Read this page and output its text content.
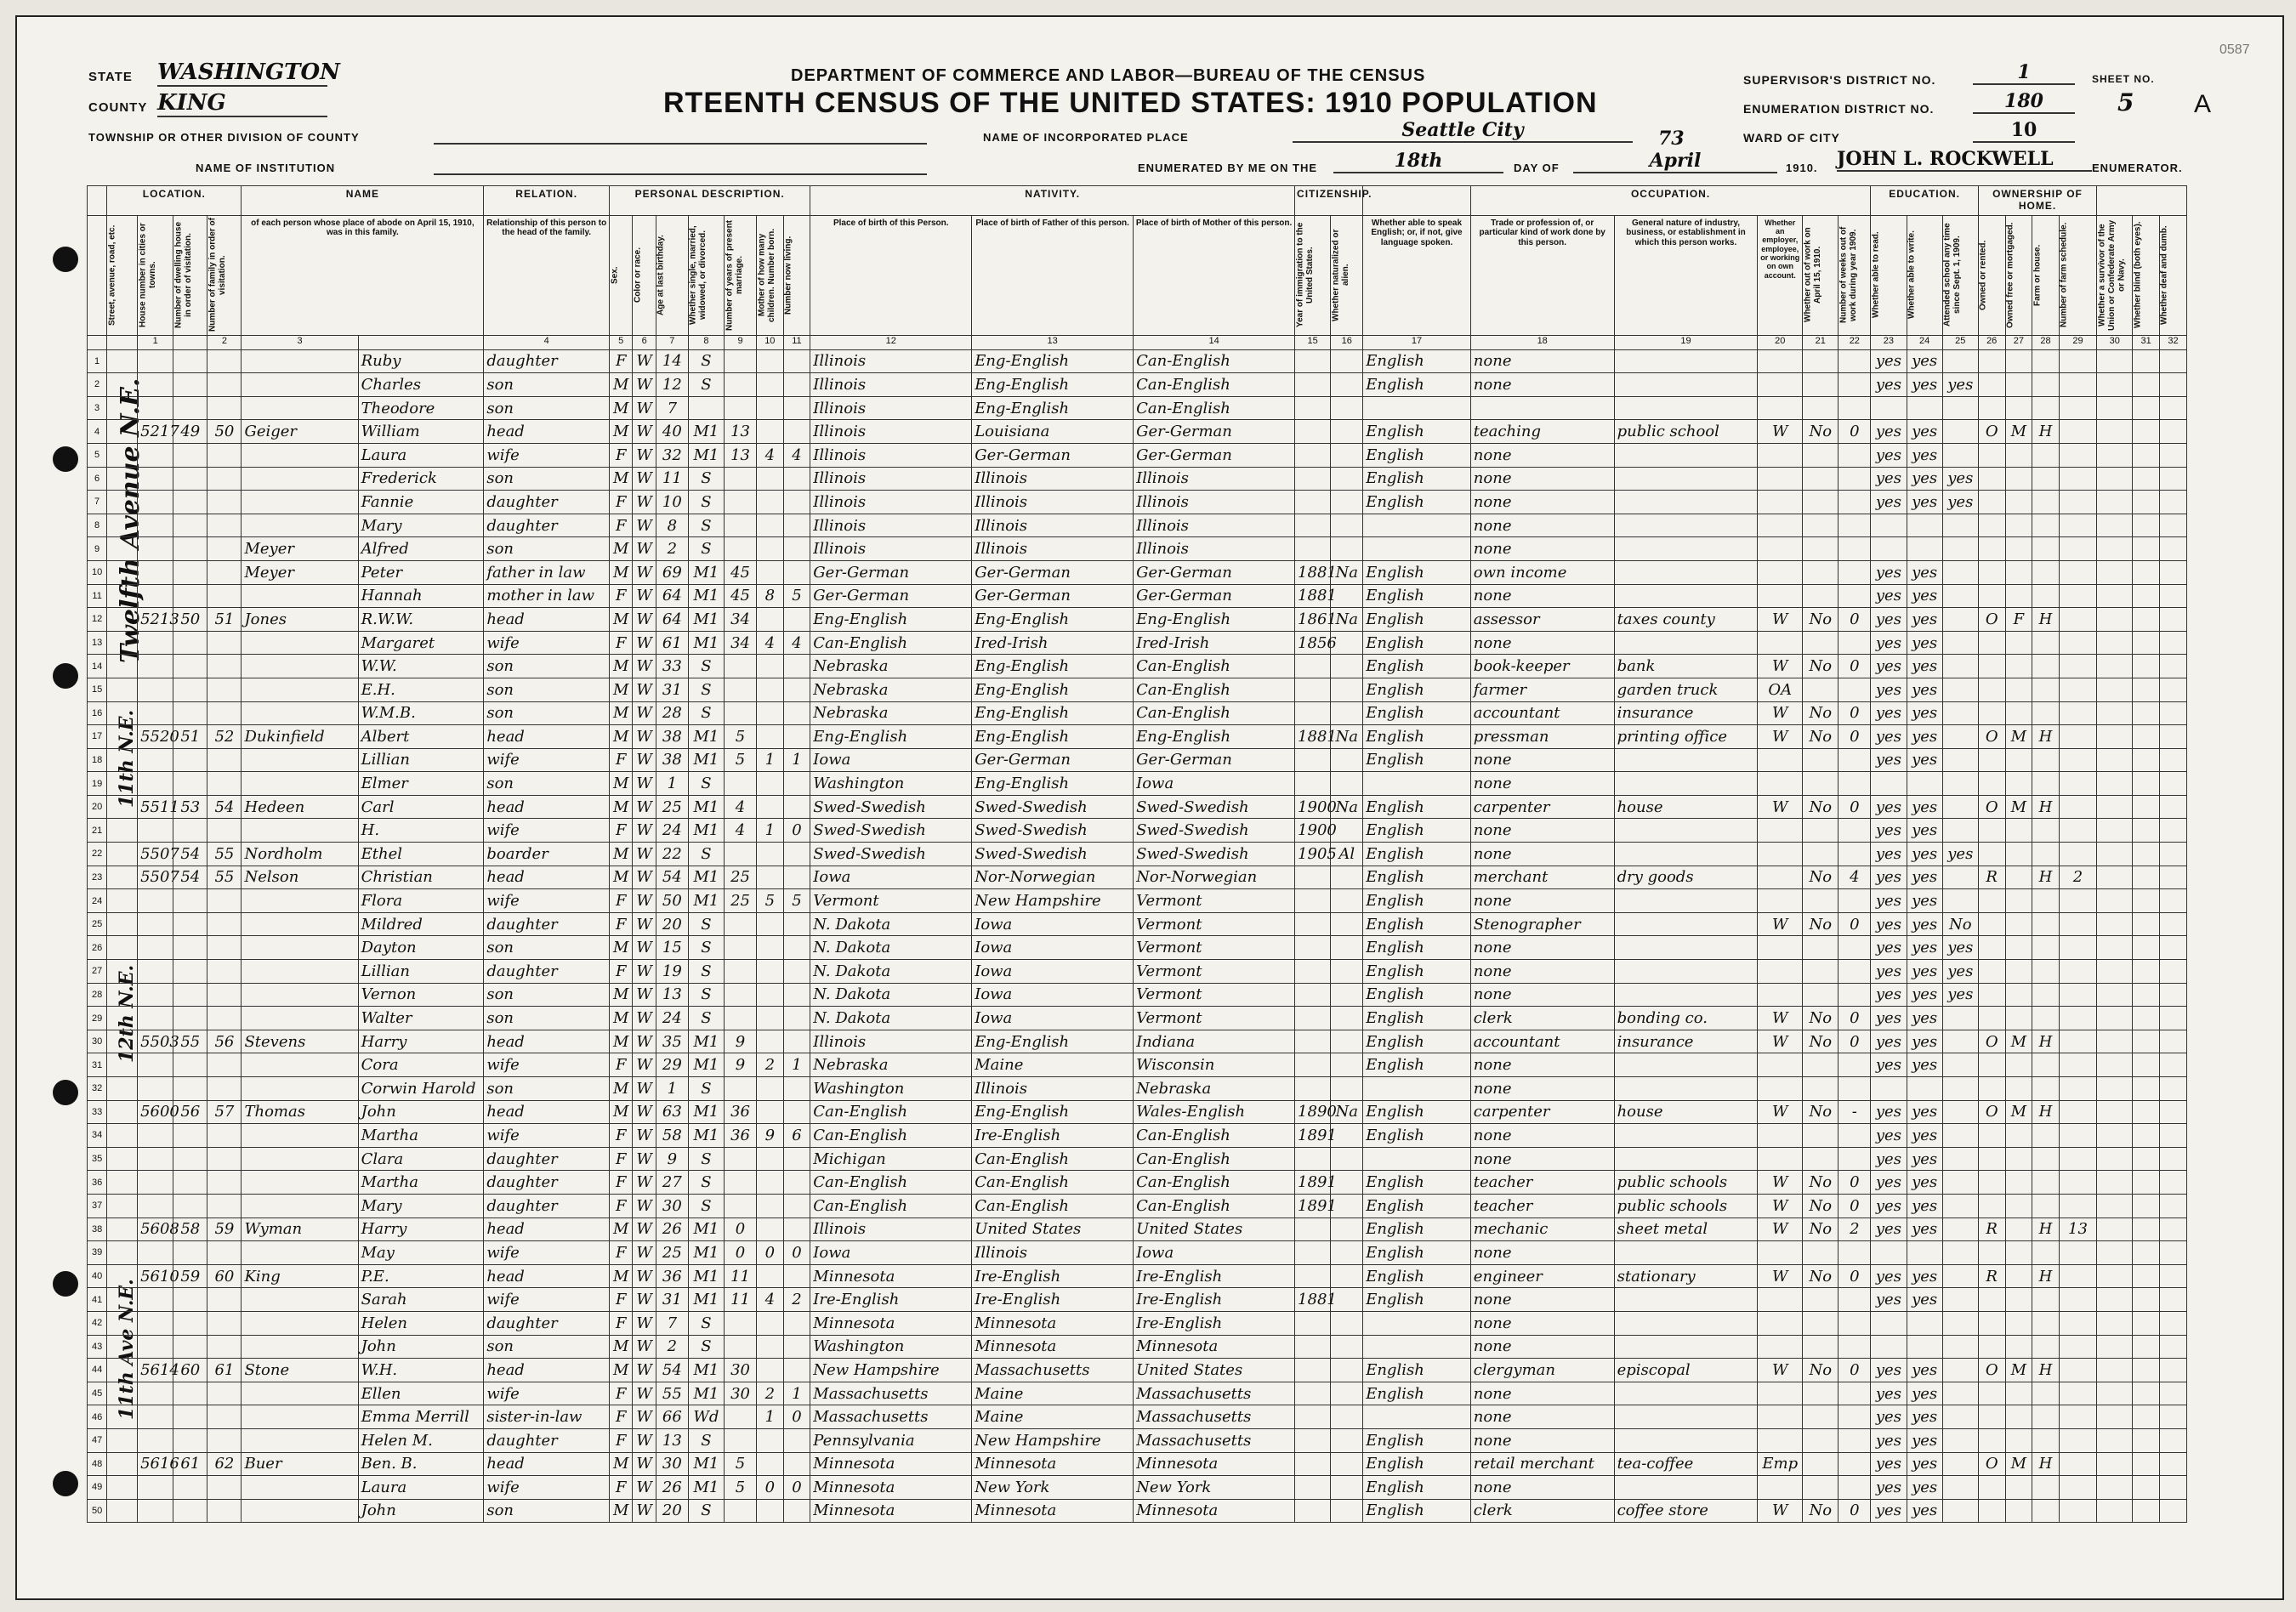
STATE WASHINGTON
COUNTY KING
TOWNSHIP OR OTHER DIVISION OF COUNTY
NAME OF INSTITUTION
DEPARTMENT OF COMMERCE AND LABOR—BUREAU OF THE CENSUS
RTEENTH CENSUS OF THE UNITED STATES: 1910 POPULATION
NAME OF INCORPORATED PLACE	Seattle City	73
ENUMERATED BY ME ON THE	18th	DAY OF	April	1910. JOHN L. ROCKWELL	ENUMERATOR.
SUPERVISOR'S DISTRICT NO.	1
ENUMERATION DISTRICT NO.	180
SHEET NO.
5 A
WARD OF CITY	10
0587
Twelfth Avenue N.E.
11th N.E.
12th N.E.
11th Ave N.E.
	LOCATION.				NAME		RELATION.	PERSONAL DESCRIPTION.							NATIVITY.			CITIZENSHIP.			OCCUPATION.					EDUCATION.			OWNERSHIP OF HOME.						
	Street, avenue, road, etc.	House number in cities or towns.	Number of dwelling house in order of visitation.	Number of family in order of visitation.	of each person whose place of abode on April 15, 1910, was in this family.		Relationship of this person to the head of the family.	Sex.	Color or race.	Age at last birthday.	Whether single, married, widowed, or divorced.	Number of years of present marriage.	Mother of how many children. Number born.	Number now living.	Place of birth of this Person.	Place of birth of Father of this person.	Place of birth of Mother of this person.	Year of immigration to the United States.	Whether naturalized or alien.	Whether able to speak English; or, if not, give language spoken.	Trade or profession of, or particular kind of work done by this person.	General nature of industry, business, or establishment in which this person works.	Whether an employer, employee, or working on own account.	Whether out of work on April 15, 1910.	Number of weeks out of work during year 1909.	Whether able to read.	Whether able to write.	Attended school any time since Sept. 1, 1909.	Owned or rented.	Owned free or mortgaged.	Farm or house.	Number of farm schedule.	Whether a survivor of the Union or Confederate Army or Navy.	Whether blind (both eyes).	Whether deaf and dumb.
		1		2	3		4	5	6	7	8	9	10	11	12	13	14	15	16	17	18	19	20	21	22	23	24	25	26	27	28	29	30	31	32
1						Ruby	daughter	F	W	14	S				Illinois	Eng-English	Can-English			English	none					yes	yes								
2						Charles	son	M	W	12	S				Illinois	Eng-English	Can-English			English	none					yes	yes	yes							
3						Theodore	son	M	W	7					Illinois	Eng-English	Can-English																		
4		5217	49	50	Geiger	William	head	M	W	40	M1	13			Illinois	Louisiana	Ger-German			English	teaching	public school	W	No	0	yes	yes		O	M	H				
5						Laura	wife	F	W	32	M1	13	4	4	Illinois	Ger-German	Ger-German			English	none					yes	yes								
6						Frederick	son	M	W	11	S				Illinois	Illinois	Illinois			English	none					yes	yes	yes							
7						Fannie	daughter	F	W	10	S				Illinois	Illinois	Illinois			English	none					yes	yes	yes							
8						Mary	daughter	F	W	8	S				Illinois	Illinois	Illinois				none														
9					Meyer	Alfred	son	M	W	2	S				Illinois	Illinois	Illinois				none														
10					Meyer	Peter	father in law	M	W	69	M1	45			Ger-German	Ger-German	Ger-German	1881	Na	English	own income					yes	yes								
11						Hannah	mother in law	F	W	64	M1	45	8	5	Ger-German	Ger-German	Ger-German	1881		English	none					yes	yes								
12		5213	50	51	Jones	R.W.W.	head	M	W	64	M1	34			Eng-English	Eng-English	Eng-English	1861	Na	English	assessor	taxes county	W	No	0	yes	yes		O	F	H				
13						Margaret	wife	F	W	61	M1	34	4	4	Can-English	Ired-Irish	Ired-Irish	1856		English	none					yes	yes								
14						W.W.	son	M	W	33	S				Nebraska	Eng-English	Can-English			English	book-keeper	bank	W	No	0	yes	yes								
15						E.H.	son	M	W	31	S				Nebraska	Eng-English	Can-English			English	farmer	garden truck	OA			yes	yes								
16						W.M.B.	son	M	W	28	S				Nebraska	Eng-English	Can-English			English	accountant	insurance	W	No	0	yes	yes								
17		5520	51	52	Dukinfield	Albert	head	M	W	38	M1	5			Eng-English	Eng-English	Eng-English	1881	Na	English	pressman	printing office	W	No	0	yes	yes		O	M	H				
18						Lillian	wife	F	W	38	M1	5	1	1	Iowa	Ger-German	Ger-German			English	none					yes	yes								
19						Elmer	son	M	W	1	S				Washington	Eng-English	Iowa				none														
20		5511	53	54	Hedeen	Carl	head	M	W	25	M1	4			Swed-Swedish	Swed-Swedish	Swed-Swedish	1900	Na	English	carpenter	house	W	No	0	yes	yes		O	M	H				
21						H.	wife	F	W	24	M1	4	1	0	Swed-Swedish	Swed-Swedish	Swed-Swedish	1900		English	none					yes	yes								
22		5507	54	55	Nordholm	Ethel	boarder	M	W	22	S				Swed-Swedish	Swed-Swedish	Swed-Swedish	1905	Al	English	none					yes	yes	yes							
23		5507	54	55	Nelson	Christian	head	M	W	54	M1	25			Iowa	Nor-Norwegian	Nor-Norwegian			English	merchant	dry goods		No	4	yes	yes		R		H	2			
24						Flora	wife	F	W	50	M1	25	5	5	Vermont	New Hampshire	Vermont			English	none					yes	yes								
25						Mildred	daughter	F	W	20	S				N. Dakota	Iowa	Vermont			English	Stenographer		W	No	0	yes	yes	No							
26						Dayton	son	M	W	15	S				N. Dakota	Iowa	Vermont			English	none					yes	yes	yes							
27						Lillian	daughter	F	W	19	S				N. Dakota	Iowa	Vermont			English	none					yes	yes	yes							
28						Vernon	son	M	W	13	S				N. Dakota	Iowa	Vermont			English	none					yes	yes	yes							
29						Walter	son	M	W	24	S				N. Dakota	Iowa	Vermont			English	clerk	bonding co.	W	No	0	yes	yes								
30		5503	55	56	Stevens	Harry	head	M	W	35	M1	9			Illinois	Eng-English	Indiana			English	accountant	insurance	W	No	0	yes	yes		O	M	H				
31						Cora	wife	F	W	29	M1	9	2	1	Nebraska	Maine	Wisconsin			English	none					yes	yes								
32						Corwin Harold	son	M	W	1	S				Washington	Illinois	Nebraska				none														
33		5600	56	57	Thomas	John	head	M	W	63	M1	36			Can-English	Eng-English	Wales-English	1890	Na	English	carpenter	house	W	No	-	yes	yes		O	M	H				
34						Martha	wife	F	W	58	M1	36	9	6	Can-English	Ire-English	Can-English	1891		English	none					yes	yes								
35						Clara	daughter	F	W	9	S				Michigan	Can-English	Can-English				none					yes	yes								
36						Martha	daughter	F	W	27	S				Can-English	Can-English	Can-English	1891		English	teacher	public schools	W	No	0	yes	yes								
37						Mary	daughter	F	W	30	S				Can-English	Can-English	Can-English	1891		English	teacher	public schools	W	No	0	yes	yes								
38		5608	58	59	Wyman	Harry	head	M	W	26	M1	0			Illinois	United States	United States			English	mechanic	sheet metal	W	No	2	yes	yes		R		H	13			
39						May	wife	F	W	25	M1	0	0	0	Iowa	Illinois	Iowa			English	none														
40		5610	59	60	King	P.E.	head	M	W	36	M1	11			Minnesota	Ire-English	Ire-English			English	engineer	stationary	W	No	0	yes	yes		R		H				
41						Sarah	wife	F	W	31	M1	11	4	2	Ire-English	Ire-English	Ire-English	1881		English	none					yes	yes								
42						Helen	daughter	F	W	7	S				Minnesota	Minnesota	Ire-English				none														
43						John	son	M	W	2	S				Washington	Minnesota	Minnesota				none														
44		5614	60	61	Stone	W.H.	head	M	W	54	M1	30			New Hampshire	Massachusetts	United States			English	clergyman	episcopal	W	No	0	yes	yes		O	M	H				
45						Ellen	wife	F	W	55	M1	30	2	1	Massachusetts	Maine	Massachusetts			English	none					yes	yes								
46						Emma Merrill	sister-in-law	F	W	66	Wd		1	0	Massachusetts	Maine	Massachusetts				none					yes	yes								
47						Helen M.	daughter	F	W	13	S				Pennsylvania	New Hampshire	Massachusetts			English	none					yes	yes								
48		5616	61	62	Buer	Ben. B.	head	M	W	30	M1	5			Minnesota	Minnesota	Minnesota			English	retail merchant	tea-coffee	Emp			yes	yes		O	M	H				
49						Laura	wife	F	W	26	M1	5	0	0	Minnesota	New York	New York			English	none					yes	yes								
50						John	son	M	W	20	S				Minnesota	Minnesota	Minnesota			English	clerk	coffee store	W	No	0	yes	yes								
